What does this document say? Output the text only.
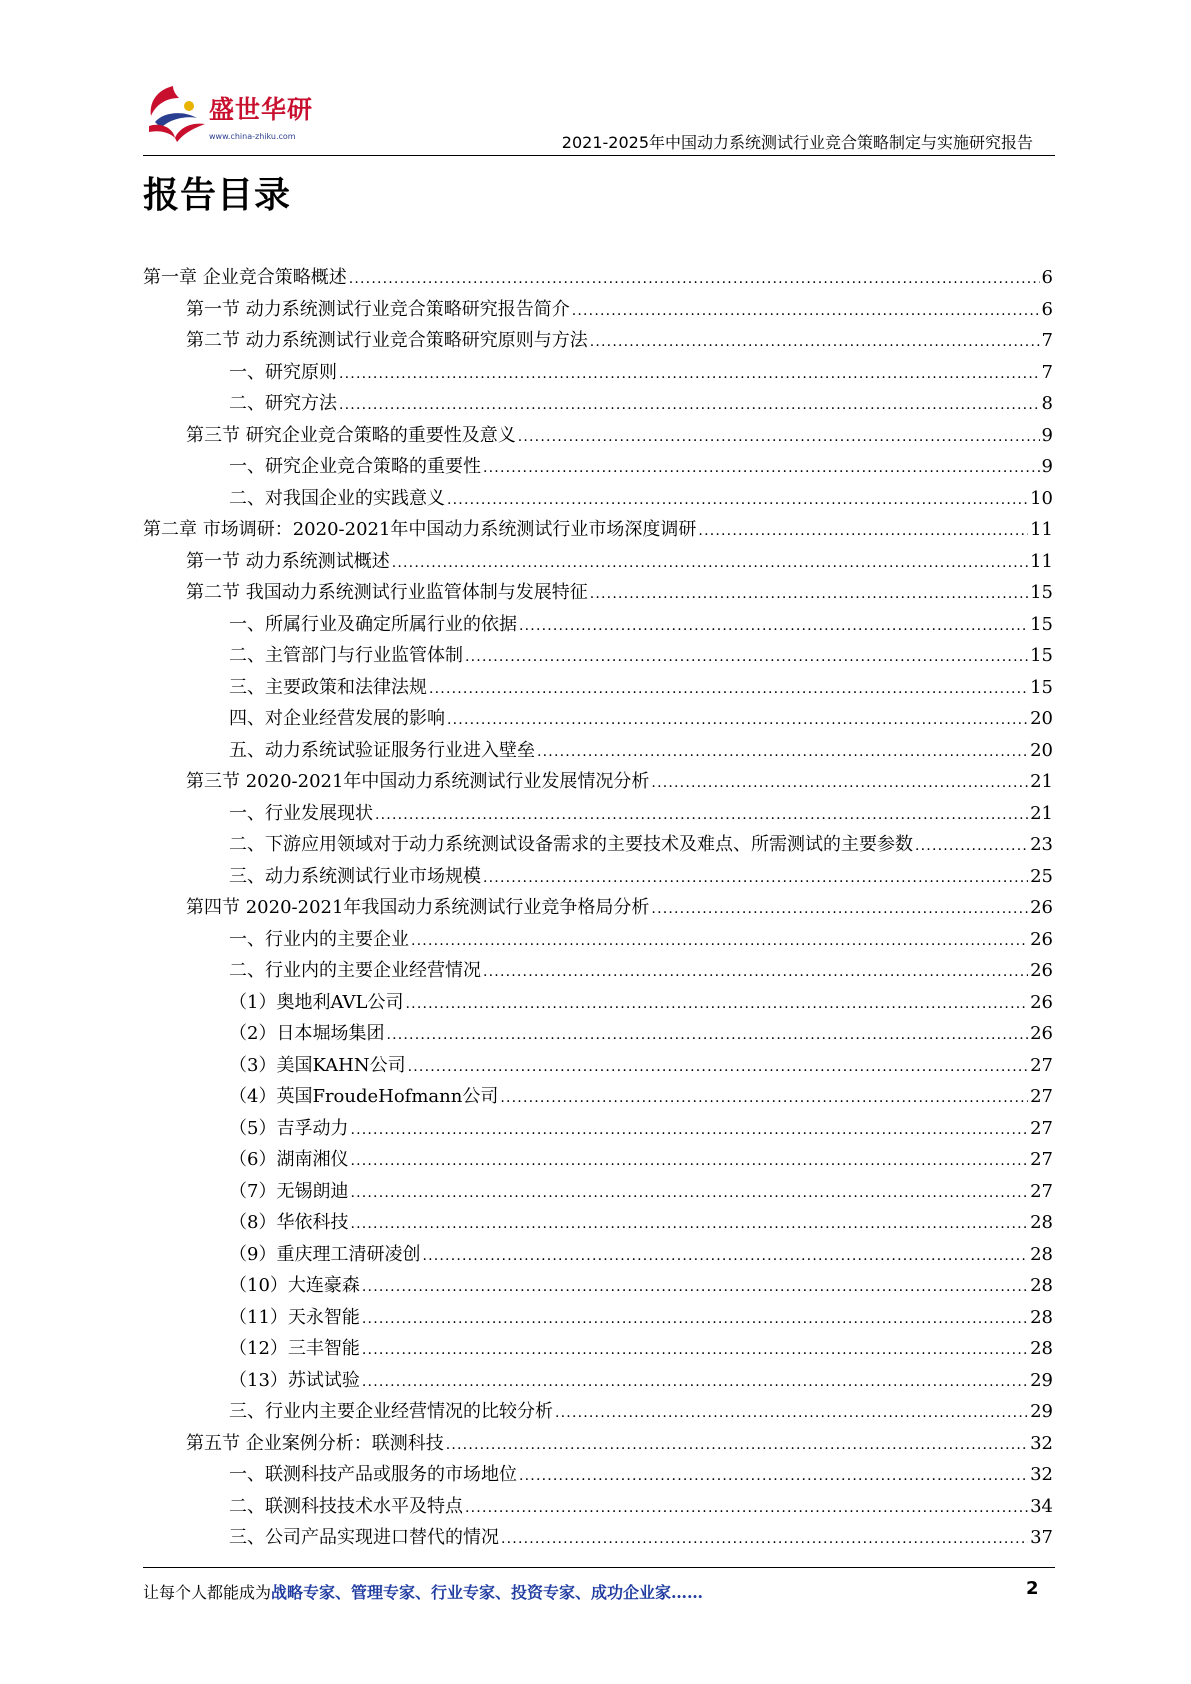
盛世华研
www.china-zhiku.com	2021-2025年中国动力系统测试行业竞合策略制定与实施研究报告
报告目录
第一章 企业竞合策略概述 .....	6
第一节 动力系统测试行业竞合策略研究报告简介 .....	6
第二节 动力系统测试行业竞合策略研究原则与方法 .....	7
一、研究原则 .....	7
二、研究方法 .....	8
第三节 研究企业竞合策略的重要性及意义 .....	9
一、研究企业竞合策略的重要性 .....	9
二、对我国企业的实践意义 .....	10
第二章 市场调研：2020-2021年中国动力系统测试行业市场深度调研 .....	11
第一节 动力系统测试概述 .....	11
第二节 我国动力系统测试行业监管体制与发展特征 .....	15
一、所属行业及确定所属行业的依据 .....	15
二、主管部门与行业监管体制 .....	15
三、主要政策和法律法规 .....	15
四、对企业经营发展的影响 .....	20
五、动力系统试验证服务行业进入壁垒 .....	20
第三节 2020-2021年中国动力系统测试行业发展情况分析 .....	21
一、行业发展现状 .....	21
二、下游应用领域对于动力系统测试设备需求的主要技术及难点、所需测试的主要参数 .....	23
三、动力系统测试行业市场规模 .....	25
第四节 2020-2021年我国动力系统测试行业竞争格局分析 .....	26
一、行业内的主要企业 .....	26
二、行业内的主要企业经营情况 .....	26
（1）奥地利AVL公司 .....	26
（2）日本堀场集团 .....	26
（3）美国KAHN公司 .....	27
（4）英国FroudeHofmann公司 .....	27
（5）吉孚动力 .....	27
（6）湖南湘仪 .....	27
（7）无锡朗迪 .....	27
（8）华依科技 .....	28
（9）重庆理工清研凌创 .....	28
（10）大连豪森 .....	28
（11）天永智能 .....	28
（12）三丰智能 .....	28
（13）苏试试验 .....	29
三、行业内主要企业经营情况的比较分析 .....	29
第五节 企业案例分析：联测科技 .....	32
一、联测科技产品或服务的市场地位 .....	32
二、联测科技技术水平及特点 .....	34
三、公司产品实现进口替代的情况 .....	37
让每个人都能成为战略专家、管理专家、行业专家、投资专家、成功企业家……	2
